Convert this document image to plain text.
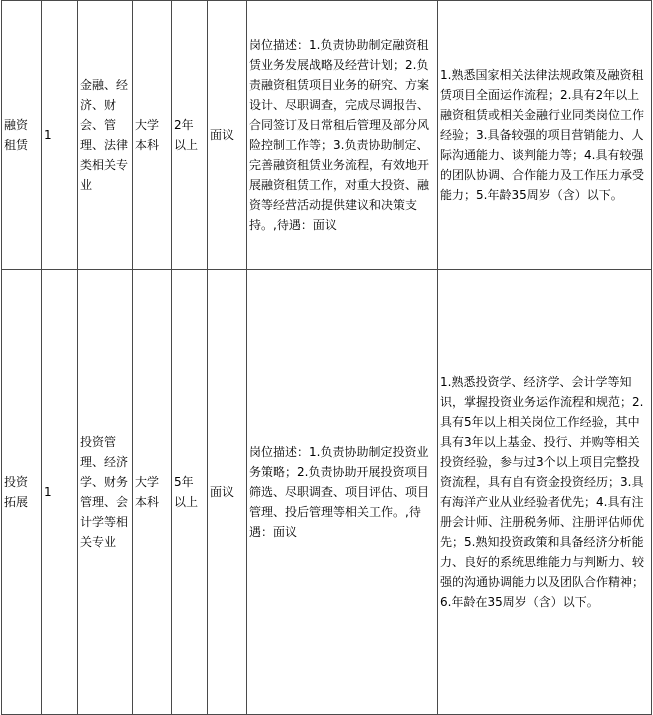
融资租赁	1	金融、经济、财会、管理、法律类相关专业	大学本科	2年以上	面议	岗位描述：1.负责协助制定融资租赁业务发展战略及经营计划；2.负责融资租赁项目业务的研究、方案设计、尽职调查，完成尽调报告、合同签订及日常租后管理及部分风险控制工作等；3.负责协助制定、完善融资租赁业务流程，有效地开展融资租赁工作，对重大投资、融资等经营活动提供建议和决策支持。,待遇：面议	1.熟悉国家相关法律法规政策及融资租赁项目全面运作流程；2.具有2年以上融资租赁或相关金融行业同类岗位工作经验；3.具备较强的项目营销能力、人际沟通能力、谈判能力等；4.具有较强的团队协调、合作能力及工作压力承受能力；5.年龄35周岁（含）以下。
投资拓展	1	投资管理、经济学、财务管理、会计学等相关专业	大学本科	5年以上	面议	岗位描述：1.负责协助制定投资业务策略；2.负责协助开展投资项目筛选、尽职调查、项目评估、项目管理、投后管理等相关工作。,待遇：面议	1.熟悉投资学、经济学、会计学等知识，掌握投资业务运作流程和规范；2.具有5年以上相关岗位工作经验，其中具有3年以上基金、投行、并购等相关投资经验，参与过3个以上项目完整投资流程，具有自有资金投资经历；3.具有海洋产业从业经验者优先；4.具有注册会计师、注册税务师、注册评估师优先；5.熟知投资政策和具备经济分析能力、良好的系统思维能力与判断力、较强的沟通协调能力以及团队合作精神；6.年龄在35周岁（含）以下。
